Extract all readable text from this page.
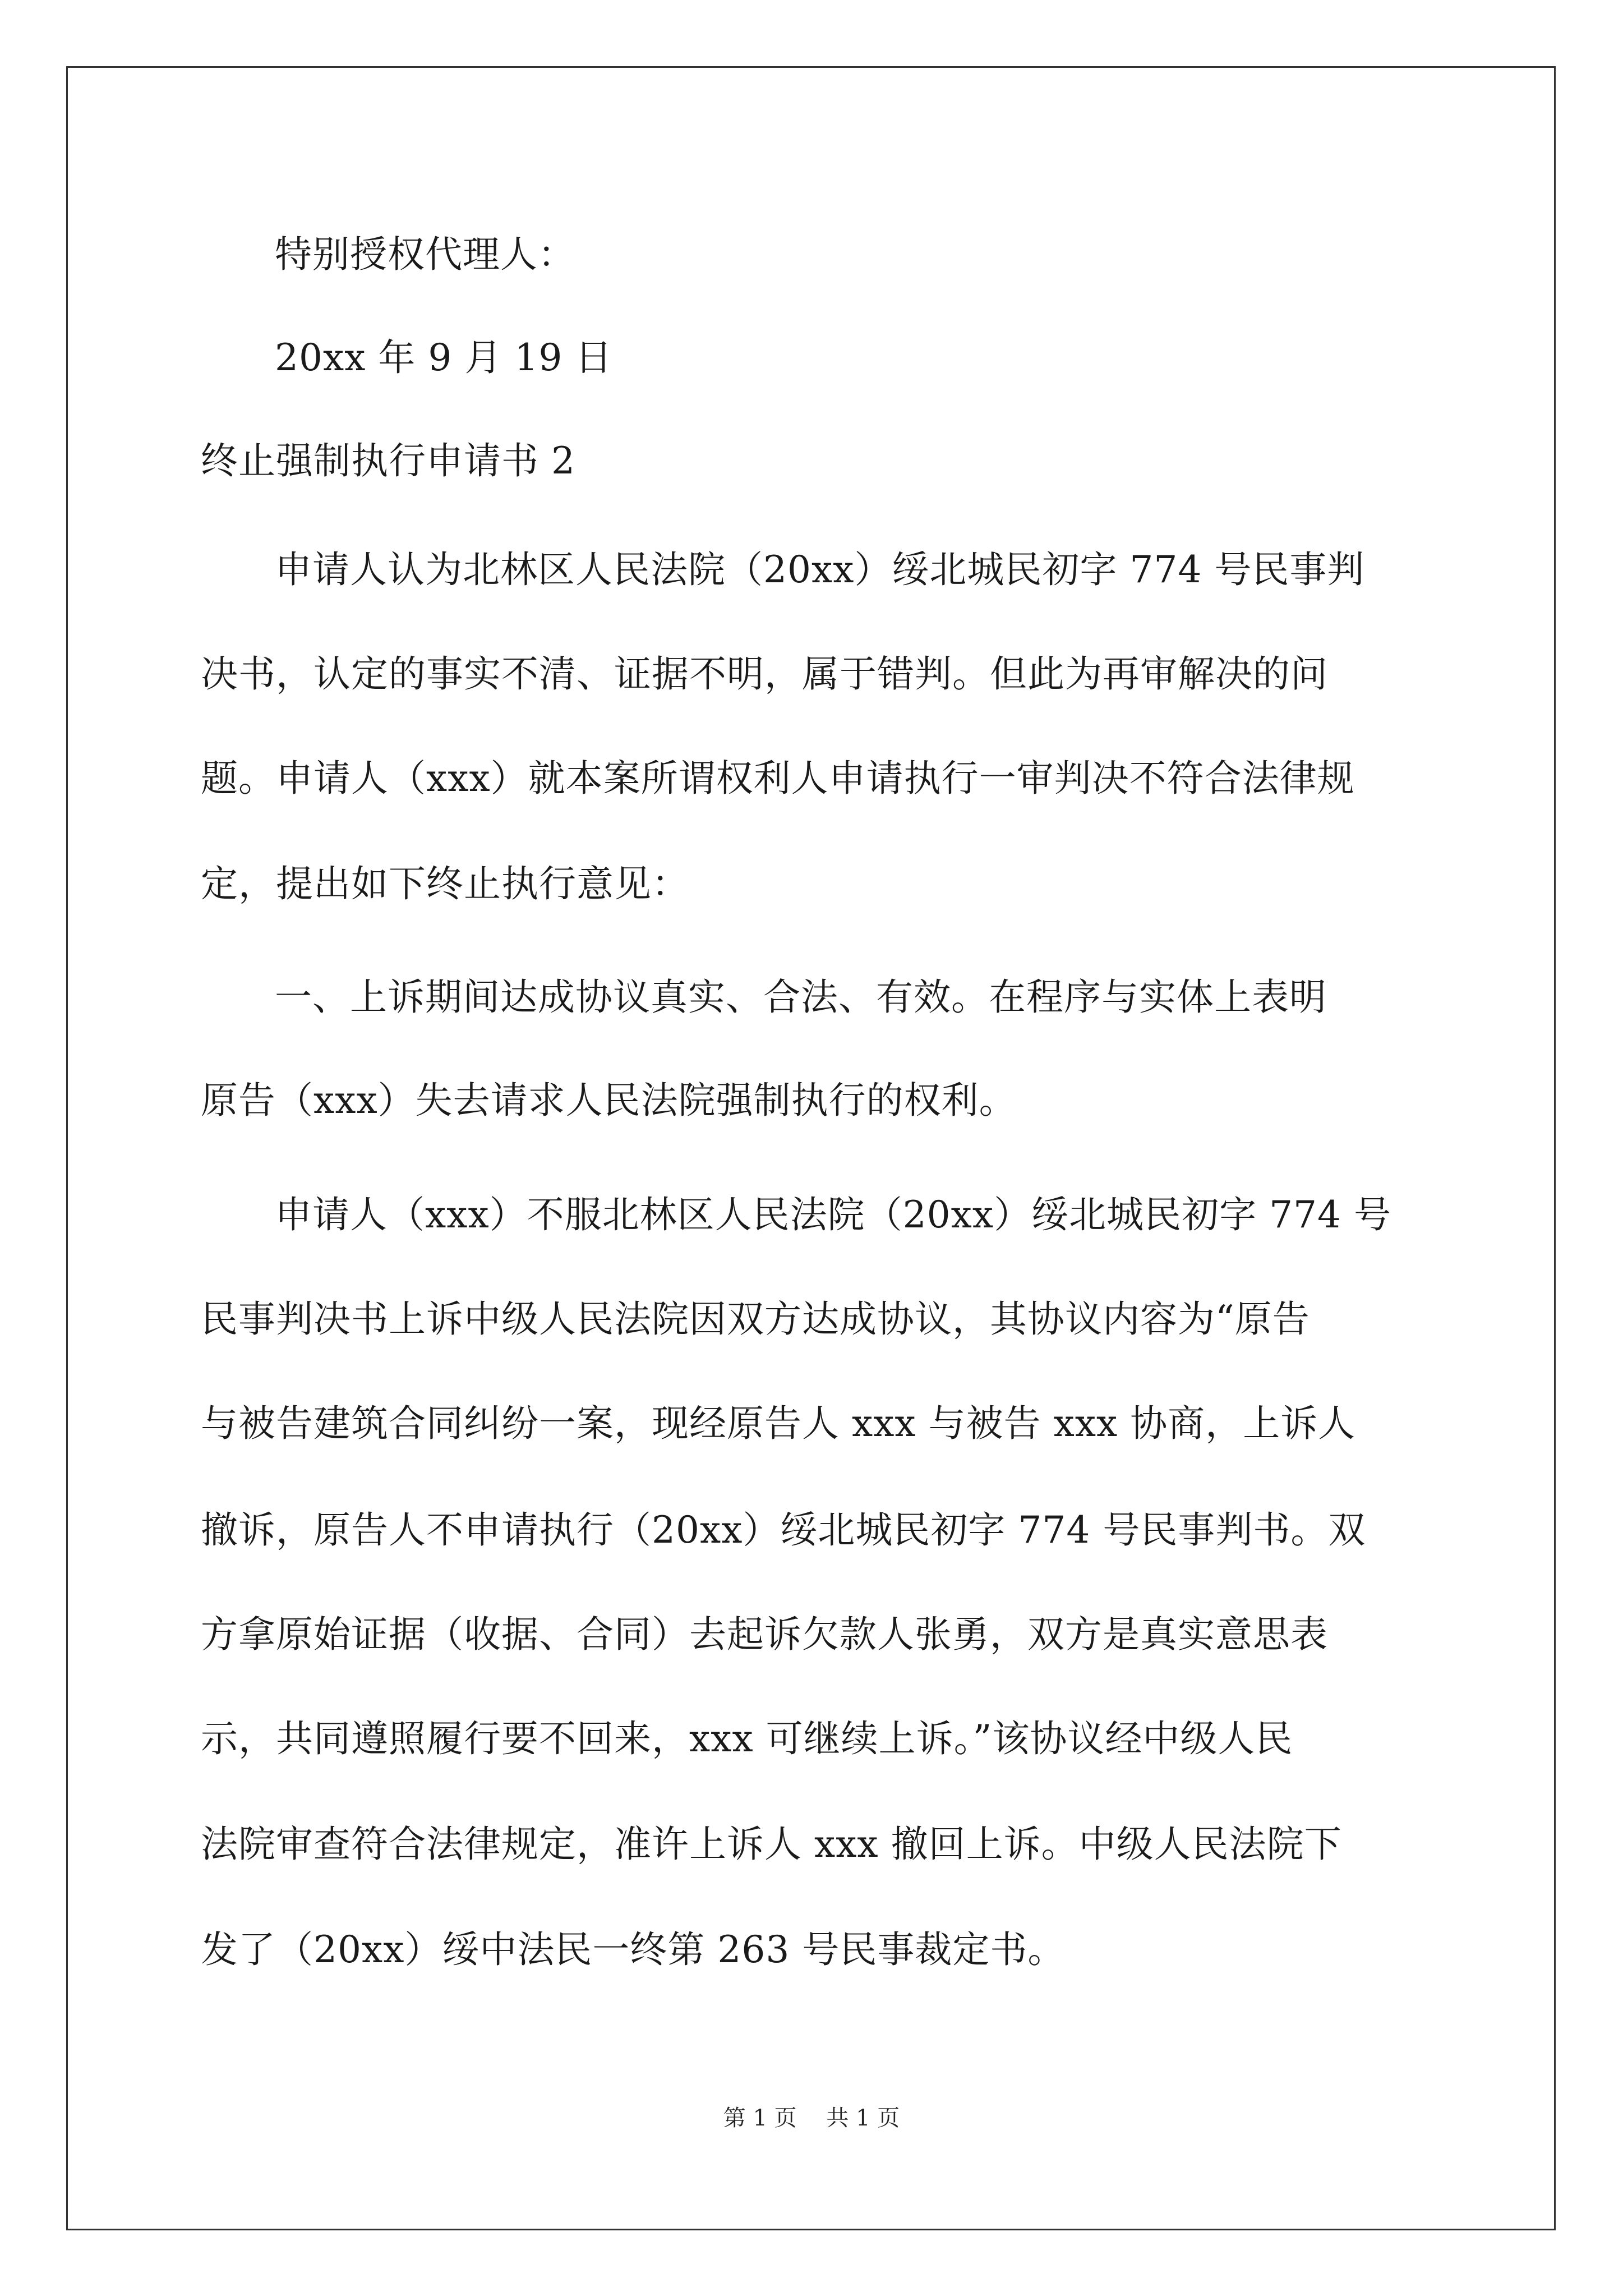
特别授权代理人：
20xx 年 9 月 19 日
终止强制执行申请书 2
申请人认为北林区人民法院（20xx）绥北城民初字 774 号民事判
决书，认定的事实不清、证据不明，属于错判。但此为再审解决的问
题。申请人（xxx）就本案所谓权利人申请执行一审判决不符合法律规
定，提出如下终止执行意见：
一、上诉期间达成协议真实、合法、有效。在程序与实体上表明
原告（xxx）失去请求人民法院强制执行的权利。
申请人（xxx）不服北林区人民法院（20xx）绥北城民初字 774 号
民事判决书上诉中级人民法院因双方达成协议，其协议内容为“原告
与被告建筑合同纠纷一案，现经原告人 xxx 与被告 xxx 协商，上诉人
撤诉，原告人不申请执行（20xx）绥北城民初字 774 号民事判书。双
方拿原始证据（收据、合同）去起诉欠款人张勇，双方是真实意思表
示，共同遵照履行要不回来，xxx 可继续上诉。”该协议经中级人民
法院审查符合法律规定，准许上诉人 xxx 撤回上诉。中级人民法院下
发了（20xx）绥中法民一终第 263 号民事裁定书。
第 1 页 共 1 页
